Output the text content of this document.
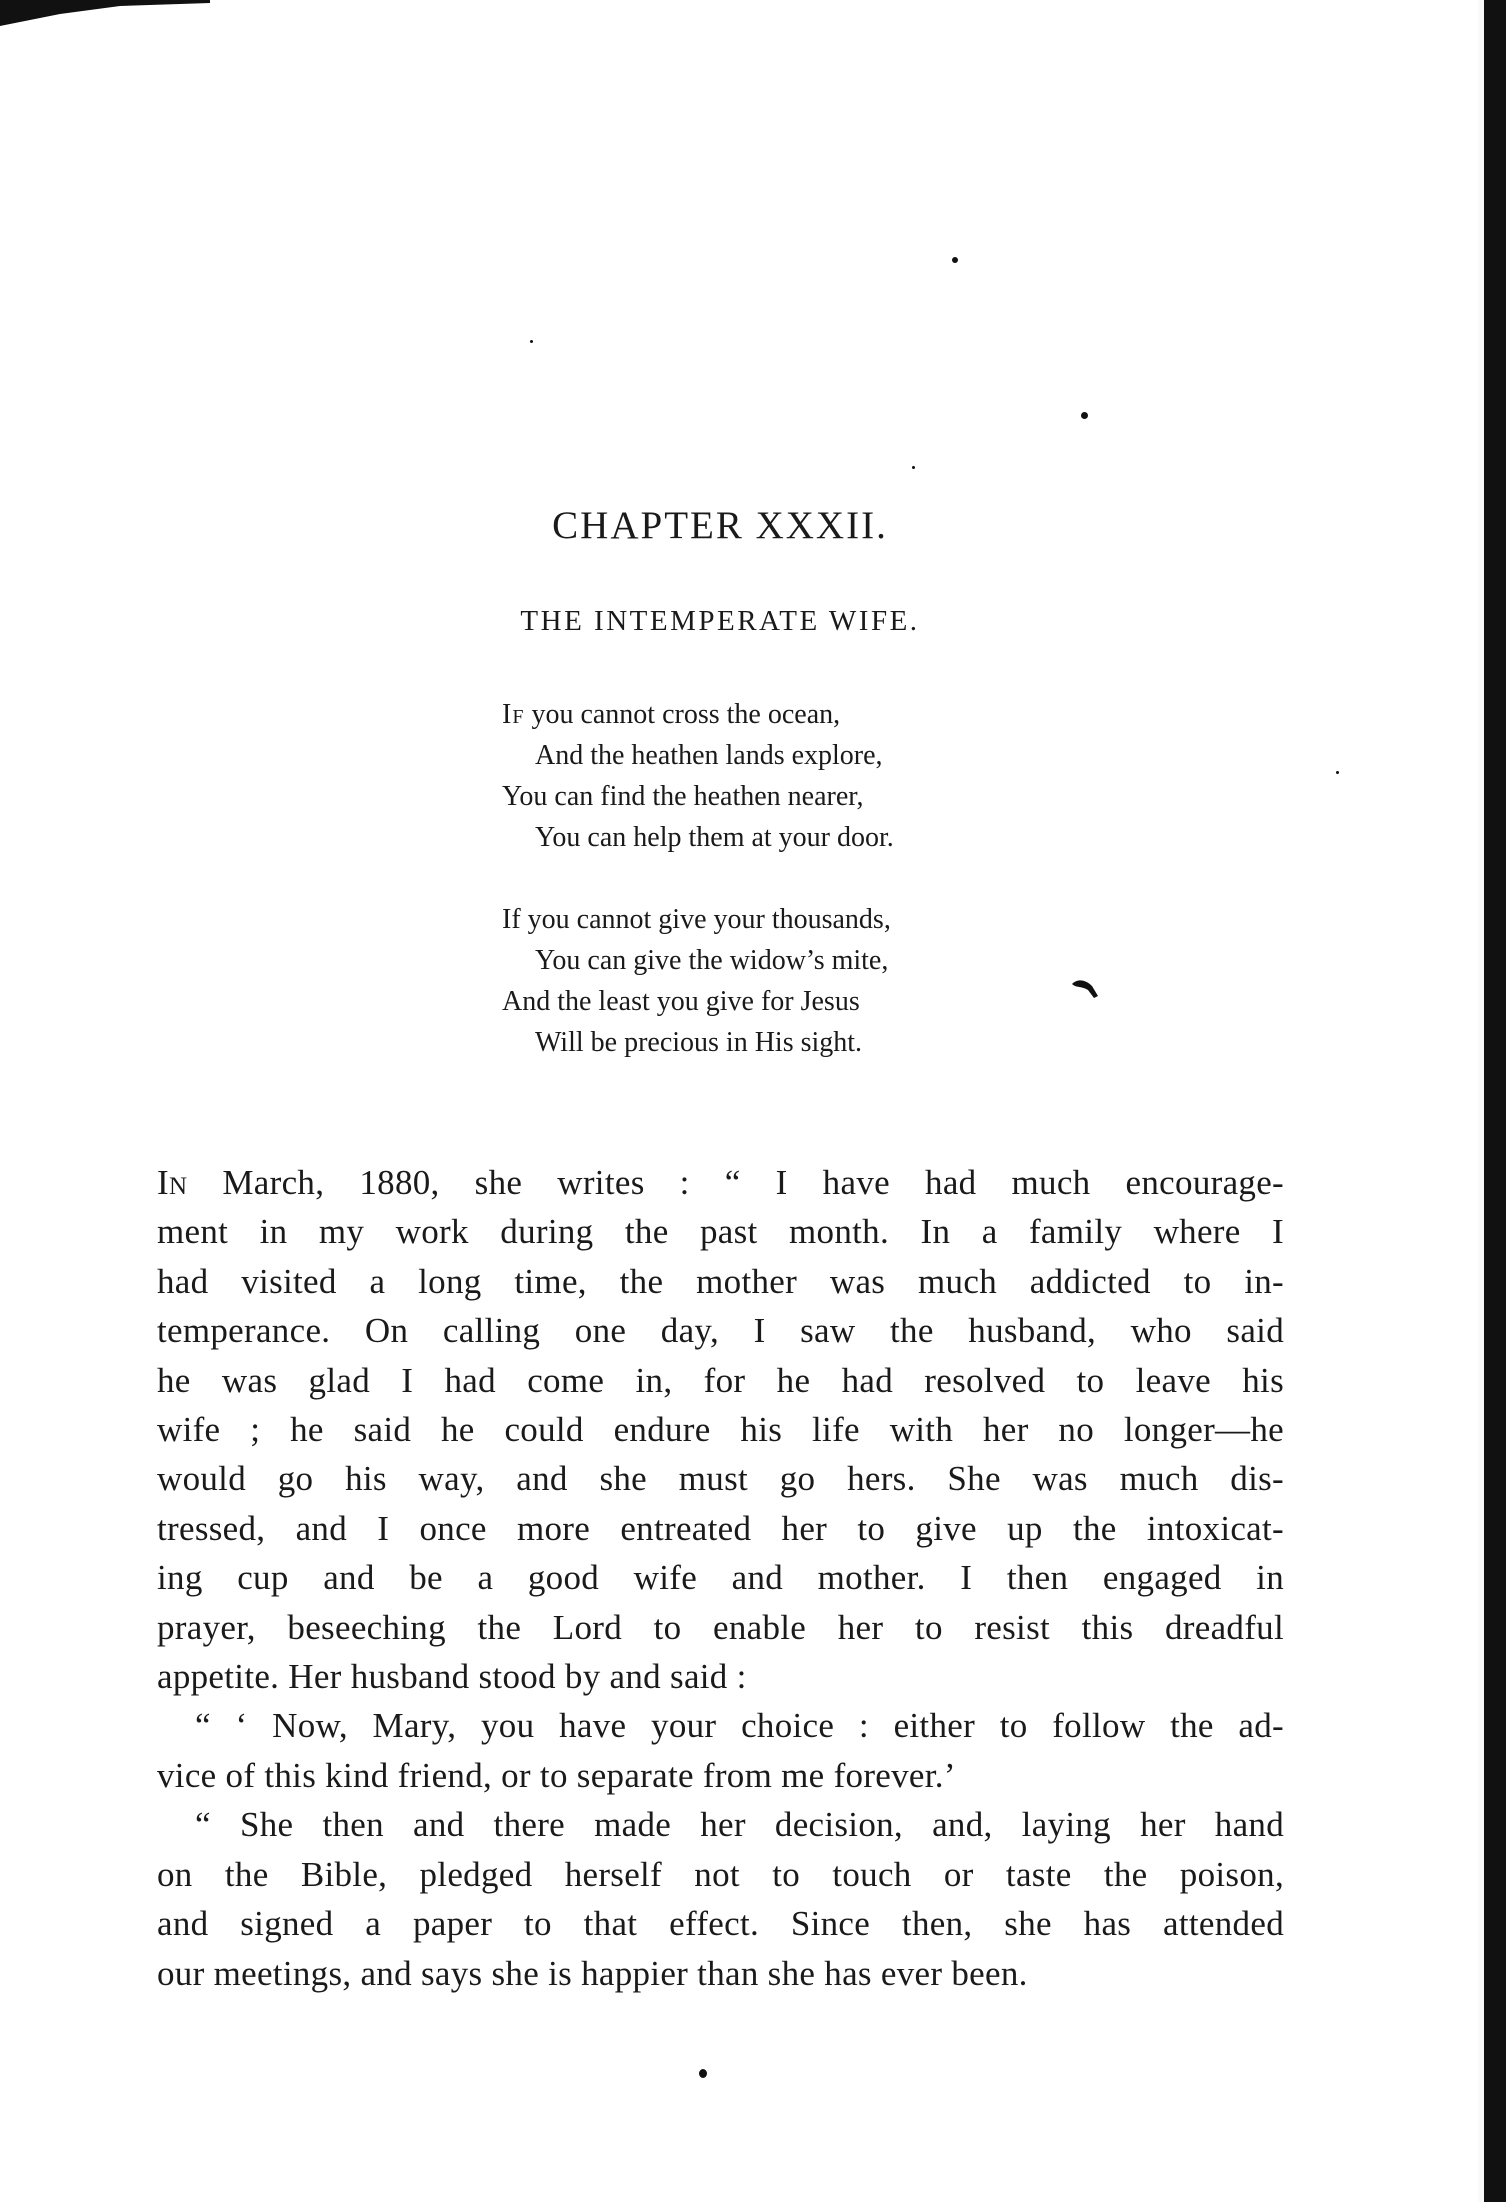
CHAPTER XXXII.
THE INTEMPERATE WIFE.
If you cannot cross the ocean,
And the heathen lands explore,
You can find the heathen nearer,
You can help them at your door.
If you cannot give your thousands,
You can give the widow’s mite,
And the least you give for Jesus
Will be precious in His sight.

In March, 1880, she writes : “ I have had much encourage-
ment in my work during the past month. In a family where I
had visited a long time, the mother was much addicted to in-
temperance. On calling one day, I saw the husband, who said
he was glad I had come in, for he had resolved to leave his
wife ; he said he could endure his life with her no longer—he
would go his way, and she must go hers. She was much dis-
tressed, and I once more entreated her to give up the intoxicat-
ing cup and be a good wife and mother. I then engaged in
prayer, beseeching the Lord to enable her to resist this dreadful
appetite. Her husband stood by and said :

“ ‘ Now, Mary, you have your choice : either to follow the ad-
vice of this kind friend, or to separate from me forever.’

“ She then and there made her decision, and, laying her hand
on the Bible, pledged herself not to touch or taste the poison,
and signed a paper to that effect. Since then, she has attended
our meetings, and says she is happier than she has ever been.
